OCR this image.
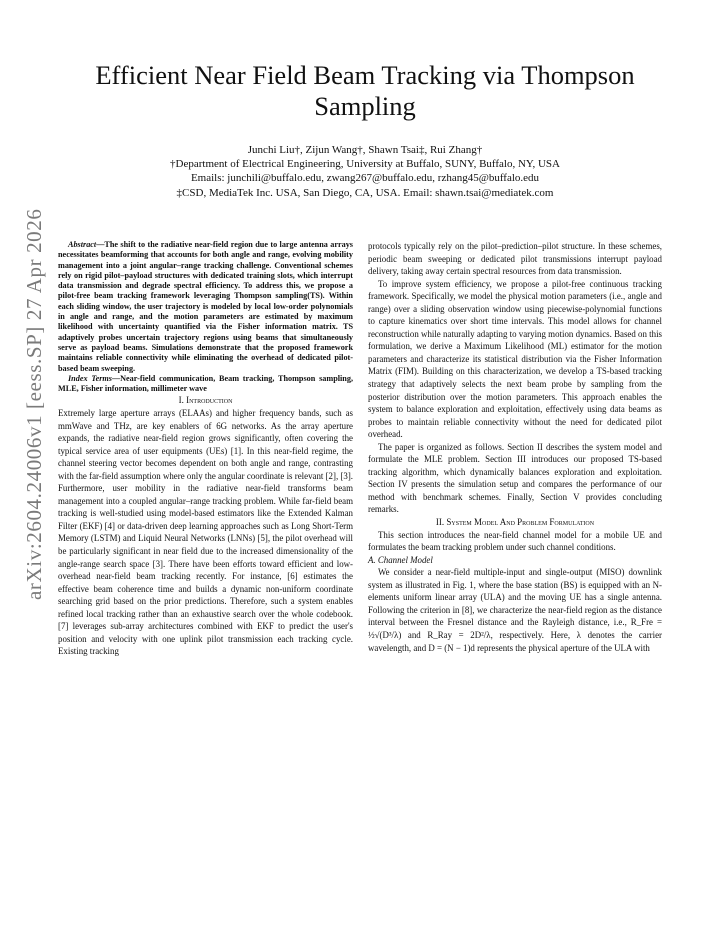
arXiv:2604.24006v1 [eess.SP] 27 Apr 2026
Efficient Near Field Beam Tracking via Thompson Sampling
Junchi Liu†, Zijun Wang†, Shawn Tsai‡, Rui Zhang†
†Department of Electrical Engineering, University at Buffalo, SUNY, Buffalo, NY, USA
Emails: junchili@buffalo.edu, zwang267@buffalo.edu, rzhang45@buffalo.edu
‡CSD, MediaTek Inc. USA, San Diego, CA, USA. Email: shawn.tsai@mediatek.com

Abstract—The shift to the radiative near-field region due to large antenna arrays necessitates beamforming that accounts for both angle and range, evolving mobility management into a joint angular–range tracking challenge. Conventional schemes rely on rigid pilot–payload structures with dedicated training slots, which interrupt data transmission and degrade spectral efficiency. To address this, we propose a pilot-free beam tracking framework leveraging Thompson sampling(TS). Within each sliding window, the user trajectory is modeled by local low-order polynomials in angle and range, and the motion parameters are estimated by maximum likelihood with uncertainty quantified via the Fisher information matrix. TS adaptively probes uncertain trajectory regions using beams that simultaneously serve as payload beams. Simulations demonstrate that the proposed framework maintains reliable connectivity while eliminating the overhead of dedicated pilot-based beam sweeping.

Index Terms—Near-field communication, Beam tracking, Thompson sampling, MLE, Fisher information, millimeter wave

I. Introduction

Extremely large aperture arrays (ELAAs) and higher frequency bands, such as mmWave and THz, are key enablers of 6G networks. As the array aperture expands, the radiative near-field region grows significantly, often covering the typical service area of user equipments (UEs) [1]. In this near-field regime, the channel steering vector becomes dependent on both angle and range, contrasting with the far-field assumption where only the angular coordinate is relevant [2], [3]. Furthermore, user mobility in the radiative near-field transforms beam management into a coupled angular–range tracking problem. While far-field beam tracking is well-studied using model-based estimators like the Extended Kalman Filter (EKF) [4] or data-driven deep learning approaches such as Long Short-Term Memory (LSTM) and Liquid Neural Networks (LNNs) [5], the pilot overhead will be particularly significant in near field due to the increased dimensionality of the angle-range search space [3]. There have been efforts toward efficient and low-overhead near-field beam tracking recently. For instance, [6] estimates the effective beam coherence time and builds a dynamic non-uniform coordinate searching grid based on the prior predictions. Therefore, such a system enables refined local tracking rather than an exhaustive search over the whole codebook. [7] leverages sub-array architectures combined with EKF to predict the user's position and velocity with one uplink pilot transmission each tracking cycle. Existing tracking

protocols typically rely on the pilot–prediction–pilot structure. In these schemes, periodic beam sweeping or dedicated pilot transmissions interrupt payload delivery, taking away certain spectral resources from data transmission.

To improve system efficiency, we propose a pilot-free continuous tracking framework. Specifically, we model the physical motion parameters (i.e., angle and range) over a sliding observation window using piecewise-polynomial functions to capture kinematics over short time intervals. This model allows for channel reconstruction while naturally adapting to varying motion dynamics. Based on this formulation, we derive a Maximum Likelihood (ML) estimator for the motion parameters and characterize its statistical distribution via the Fisher Information Matrix (FIM). Building on this characterization, we develop a TS-based tracking strategy that adaptively selects the next beam probe by sampling from the posterior distribution over the motion parameters. This approach enables the system to balance exploration and exploitation, effectively using data beams as probes to maintain reliable connectivity without the need for dedicated pilot overhead.

The paper is organized as follows. Section II describes the system model and formulate the MLE problem. Section III introduces our proposed TS-based tracking algorithm, which dynamically balances exploration and exploitation. Section IV presents the simulation setup and compares the performance of our method with benchmark schemes. Finally, Section V provides concluding remarks.

II. System Model And Problem Formulation

This section introduces the near-field channel model for a mobile UE and formulates the beam tracking problem under such channel conditions.

A. Channel Model

We consider a near-field multiple-input and single-output (MISO) downlink system as illustrated in Fig. 1, where the base station (BS) is equipped with an N-elements uniform linear array (ULA) and the moving UE has a single antenna. Following the criterion in [8], we characterize the near-field region as the distance interval between the Fresnel distance and the Rayleigh distance, i.e., R_Fre = ½√(D³/λ) and R_Ray = 2D²/λ, respectively. Here, λ denotes the carrier wavelength, and D = (N − 1)d represents the physical aperture of the ULA with
